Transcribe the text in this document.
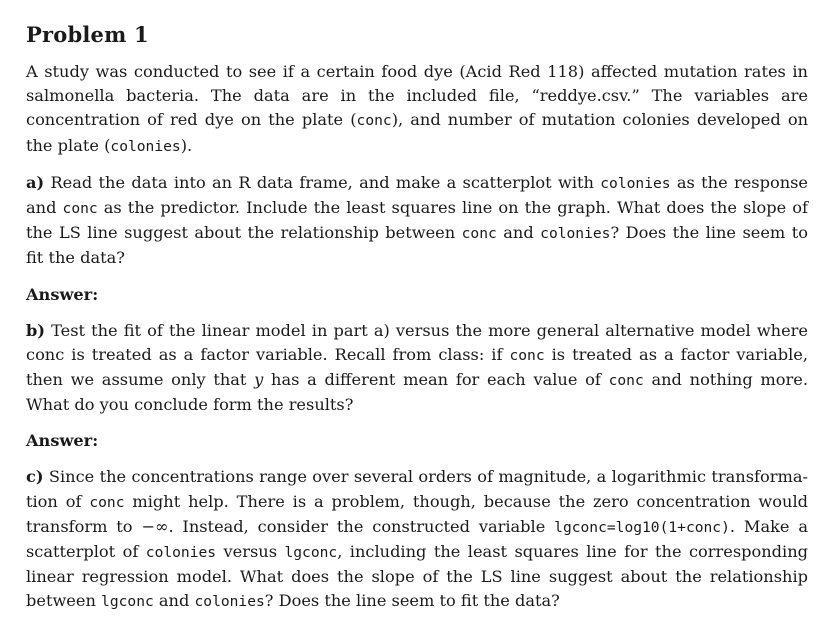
Problem 1

A study was conducted to see if a certain food dye (Acid Red 118) affected mutation rates in salmonella bacteria. The data are in the included file, “reddye.csv.” The variables are concentration of red dye on the plate (conc), and number of mutation colonies developed on the plate (colonies).

a) Read the data into an R data frame, and make a scatterplot with colonies as the response and conc as the predictor. Include the least squares line on the graph. What does the slope of the LS line suggest about the relationship between conc and colonies? Does the line seem to fit the data?

Answer:

b) Test the fit of the linear model in part a) versus the more general alternative model where conc is treated as a factor variable. Recall from class: if conc is treated as a factor variable, then we assume only that y has a different mean for each value of conc and nothing more. What do you conclude form the results?

Answer:

c) Since the concentrations range over several orders of magnitude, a logarithmic transformation of conc might help. There is a problem, though, because the zero concentration would transform to −∞. Instead, consider the constructed variable lgconc=log10(1+conc). Make a scatterplot of colonies versus lgconc, including the least squares line for the corresponding linear regression model. What does the slope of the LS line suggest about the relationship between lgconc and colonies? Does the line seem to fit the data?
